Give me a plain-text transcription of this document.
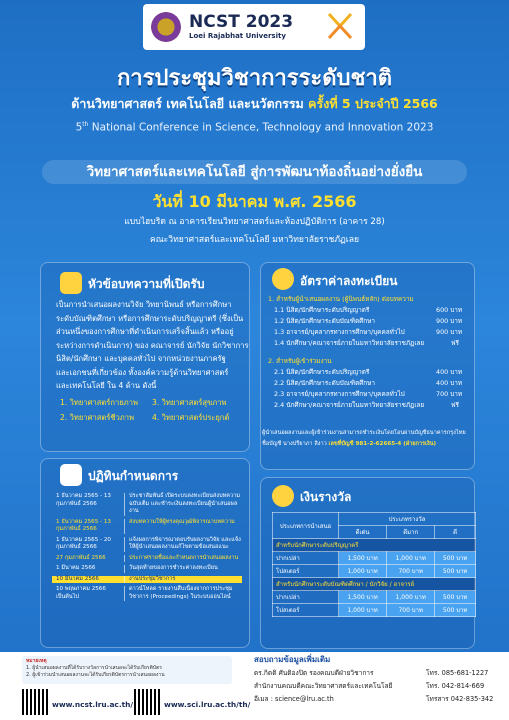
NCST 2023
Loei Rajabhat University
การประชุมวิชาการระดับชาติ
ด้านวิทยาศาสตร์ เทคโนโลยี และนวัตกรรม ครั้งที่ 5 ประจำปี 2566
5th National Conference in Science, Technology and Innovation 2023
วิทยาศาสตร์และเทคโนโลยี สู่การพัฒนาท้องถิ่นอย่างยั่งยืน
วันที่ 10 มีนาคม พ.ศ. 2566
แบบไฮบริด ณ อาคารเรียนวิทยาศาสตร์และห้องปฏิบัติการ (อาคาร 28)
คณะวิทยาศาสตร์และเทคโนโลยี มหาวิทยาลัยราชภัฏเลย
หัวข้อบทความที่เปิดรับ
เป็นการนำเสนอผลงานวิจัย วิทยานิพนธ์ หรือการศึกษา
ระดับบัณฑิตศึกษา หรือการศึกษาระดับปริญญาตรี (ซึ่งเป็น
ส่วนหนึ่งของการศึกษาที่ดำเนินการเสร็จสิ้นแล้ว หรืออยู่
ระหว่างการดำเนินการ) ของ คณาจารย์ นักวิจัย นักวิชาการ
นิสิต/นักศึกษา และบุคคลทั่วไป จากหน่วยงานภาครัฐ
และเอกชนที่เกี่ยวข้อง ทั้งองค์ความรู้ด้านวิทยาศาสตร์
และเทคโนโลยี ใน 4 ด้าน ดังนี้
1. วิทยาศาสตร์กายภาพ
2. วิทยาศาสตร์ชีวภาพ
3. วิทยาศาสตร์สุขภาพ
4. วิทยาศาสตร์ประยุกต์
ปฏิทินกำหนดการ
1 ธันวาคม 2565 - 13 กุมภาพันธ์ 2566
ประชาสัมพันธ์ เปิดระบบลงทะเบียนส่งบทความฉบับเต็ม และชำระเงินลงทะเบียนผู้นำเสนอผลงาน
1 ธันวาคม 2565 - 13 กุมภาพันธ์ 2566
ส่งบทความให้ผู้ทรงคุณวุฒิพิจารณาบทความ
1 ธันวาคม 2565 - 20 กุมภาพันธ์ 2566
แจ้งผลการพิจารณาตอบรับผลงานวิจัย และแจ้งให้ผู้นำเสนอผลงานแก้ไขตามข้อเสนอแนะ
27 กุมภาพันธ์ 2566	ประกาศรายชื่อและกำหนดการนำเสนอผลงาน
1 มีนาคม 2566	วันสุดท้ายของการชำระค่าลงทะเบียน
10 มีนาคม 2566	งานประชุมวิชาการ
10 พฤษภาคม 2566 เป็นต้นไป
ดาวน์โหลด รายงานสืบเนื่องจากการประชุมวิชาการ (Proceedings) ในระบบออนไลน์
อัตราค่าลงทะเบียน
1. สำหรับผู้นำเสนอผลงาน (ผู้นิพนธ์หลัก) ต่อบทความ
1.1 นิสิต/นักศึกษาระดับปริญญาตรี	600 บาท
1.2 นิสิต/นักศึกษาระดับบัณฑิตศึกษา	900 บาท
1.3 อาจารย์/บุคลากรทางการศึกษา/บุคคลทั่วไป	900 บาท
1.4 นักศึกษา/คณาจารย์ภายในมหาวิทยาลัยราชภัฏเลย	ฟรี
2. สำหรับผู้เข้าร่วมงาน
2.1 นิสิต/นักศึกษาระดับปริญญาตรี	400 บาท
2.2 นิสิต/นักศึกษาระดับบัณฑิตศึกษา	400 บาท
2.3 อาจารย์/บุคลากรทางการศึกษา/บุคคลทั่วไป	700 บาท
2.4 นักศึกษา/คณาจารย์ภายในมหาวิทยาลัยราชภัฏเลย	ฟรี
ผู้นำเสนอผลงานและผู้เข้าร่วมงานสามารถชำระเงินโดยโอนผ่านบัญชีธนาคารกรุงไทย
ชื่อบัญชี นางปรียาภา สิงาว เลขที่บัญชี 981-2-62665-4 (ฝ่ายการเงิน)
เงินรางวัล
ประเภทการนำเสนอ	ประเภทรางวัล		
	ดีเด่น	ดีมาก	ดี
สำหรับนักศึกษาระดับปริญญาตรี			
ปากเปล่า	1,500 บาท	1,000 บาท	500 บาท
โปสเตอร์	1,000 บาท	700 บาท	500 บาท
สำหรับนักศึกษาระดับบัณฑิตศึกษา / นักวิจัย / อาจารย์			
ปากเปล่า	1,500 บาท	1,000 บาท	500 บาท
โปสเตอร์	1,000 บาท	700 บาท	500 บาท
หมายเหตุ
1. ผู้นำเสนอผลงานที่ได้รับรางวัลการนำเสนอจะได้รับเกียรติบัตร
2. ผู้เข้าร่วมนำเสนอผลงานจะได้รับเกียรติบัตรการนำเสนอผลงาน
www.ncst.lru.ac.th/	www.sci.lru.ac.th/th/
สอบถามข้อมูลเพิ่มเติม
ดร.กิตติ ศันติองปิต รองคณบดีฝ่ายวิชาการ	โทร. 085-681-1227
สำนักงานคณบดีคณะวิทยาศาสตร์และเทคโนโลยี	โทร. 042-814-669
อีเมล : science@lru.ac.th	โทรสาร 042-835-342
